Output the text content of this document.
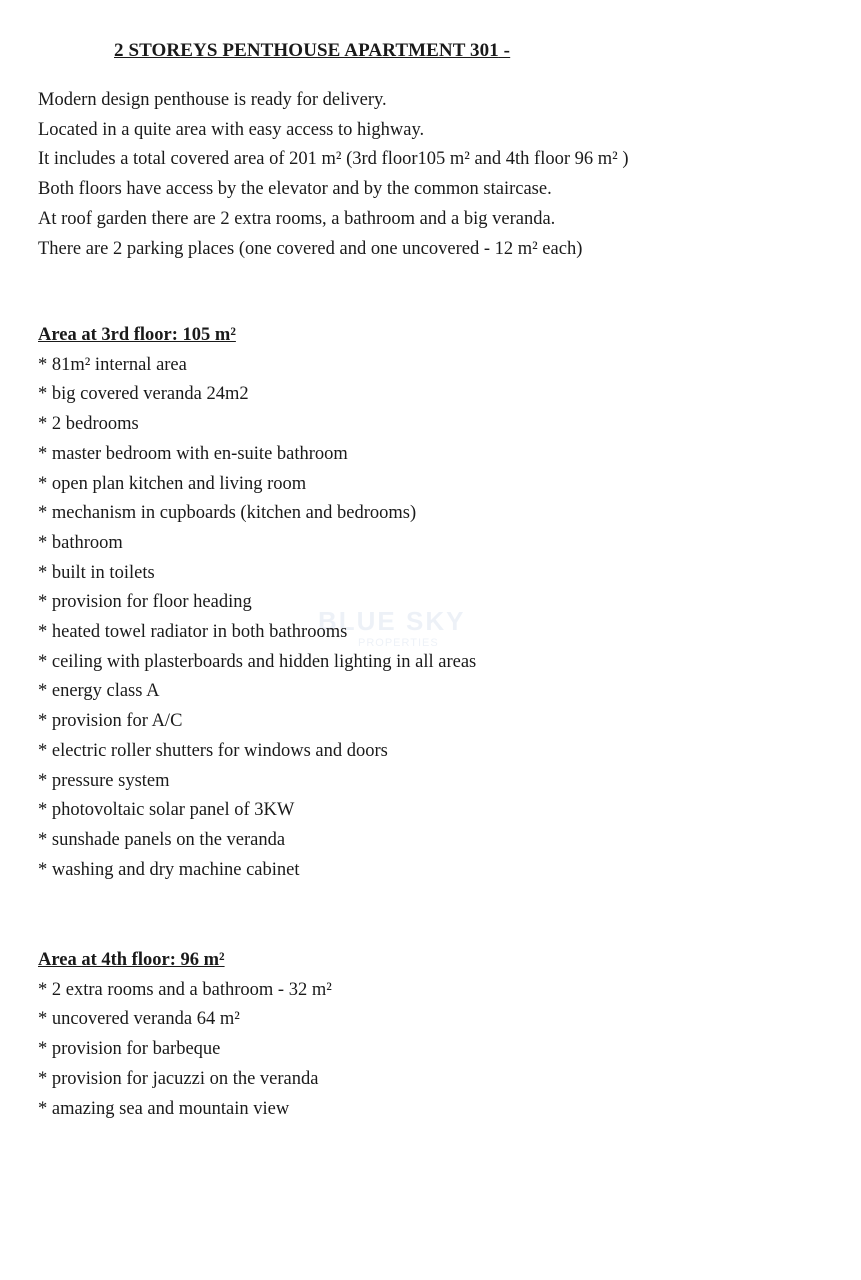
2 STOREYS PENTHOUSE APARTMENT 301 -
Modern design penthouse is ready for delivery.
Located in a quite area with easy access to highway.
It includes a total covered area of 201 m² (3rd floor105 m² and 4th floor 96 m² )
Both floors have access by the elevator and by the common staircase.
At roof garden there are 2 extra rooms, a bathroom and a big veranda.
There are 2 parking places (one covered and one uncovered - 12 m² each)
BLUE SKY
PROPERTIES
Area at 3rd floor: 105 m²
* 81m² internal area
* big covered veranda 24m2
* 2 bedrooms
* master bedroom with en-suite bathroom
* open plan kitchen and living room
* mechanism in cupboards (kitchen and bedrooms)
* bathroom
* built in toilets
* provision for floor heading
* heated towel radiator in both bathrooms
* ceiling with plasterboards and hidden lighting in all areas
* energy class A
* provision for A/C
* electric roller shutters for windows and doors
* pressure system
* photovoltaic solar panel of 3KW
* sunshade panels on the veranda
* washing and dry machine cabinet
Area at 4th floor: 96 m²
* 2 extra rooms and a bathroom - 32 m²
* uncovered veranda 64 m²
* provision for barbeque
* provision for jacuzzi on the veranda
* amazing sea and mountain view
